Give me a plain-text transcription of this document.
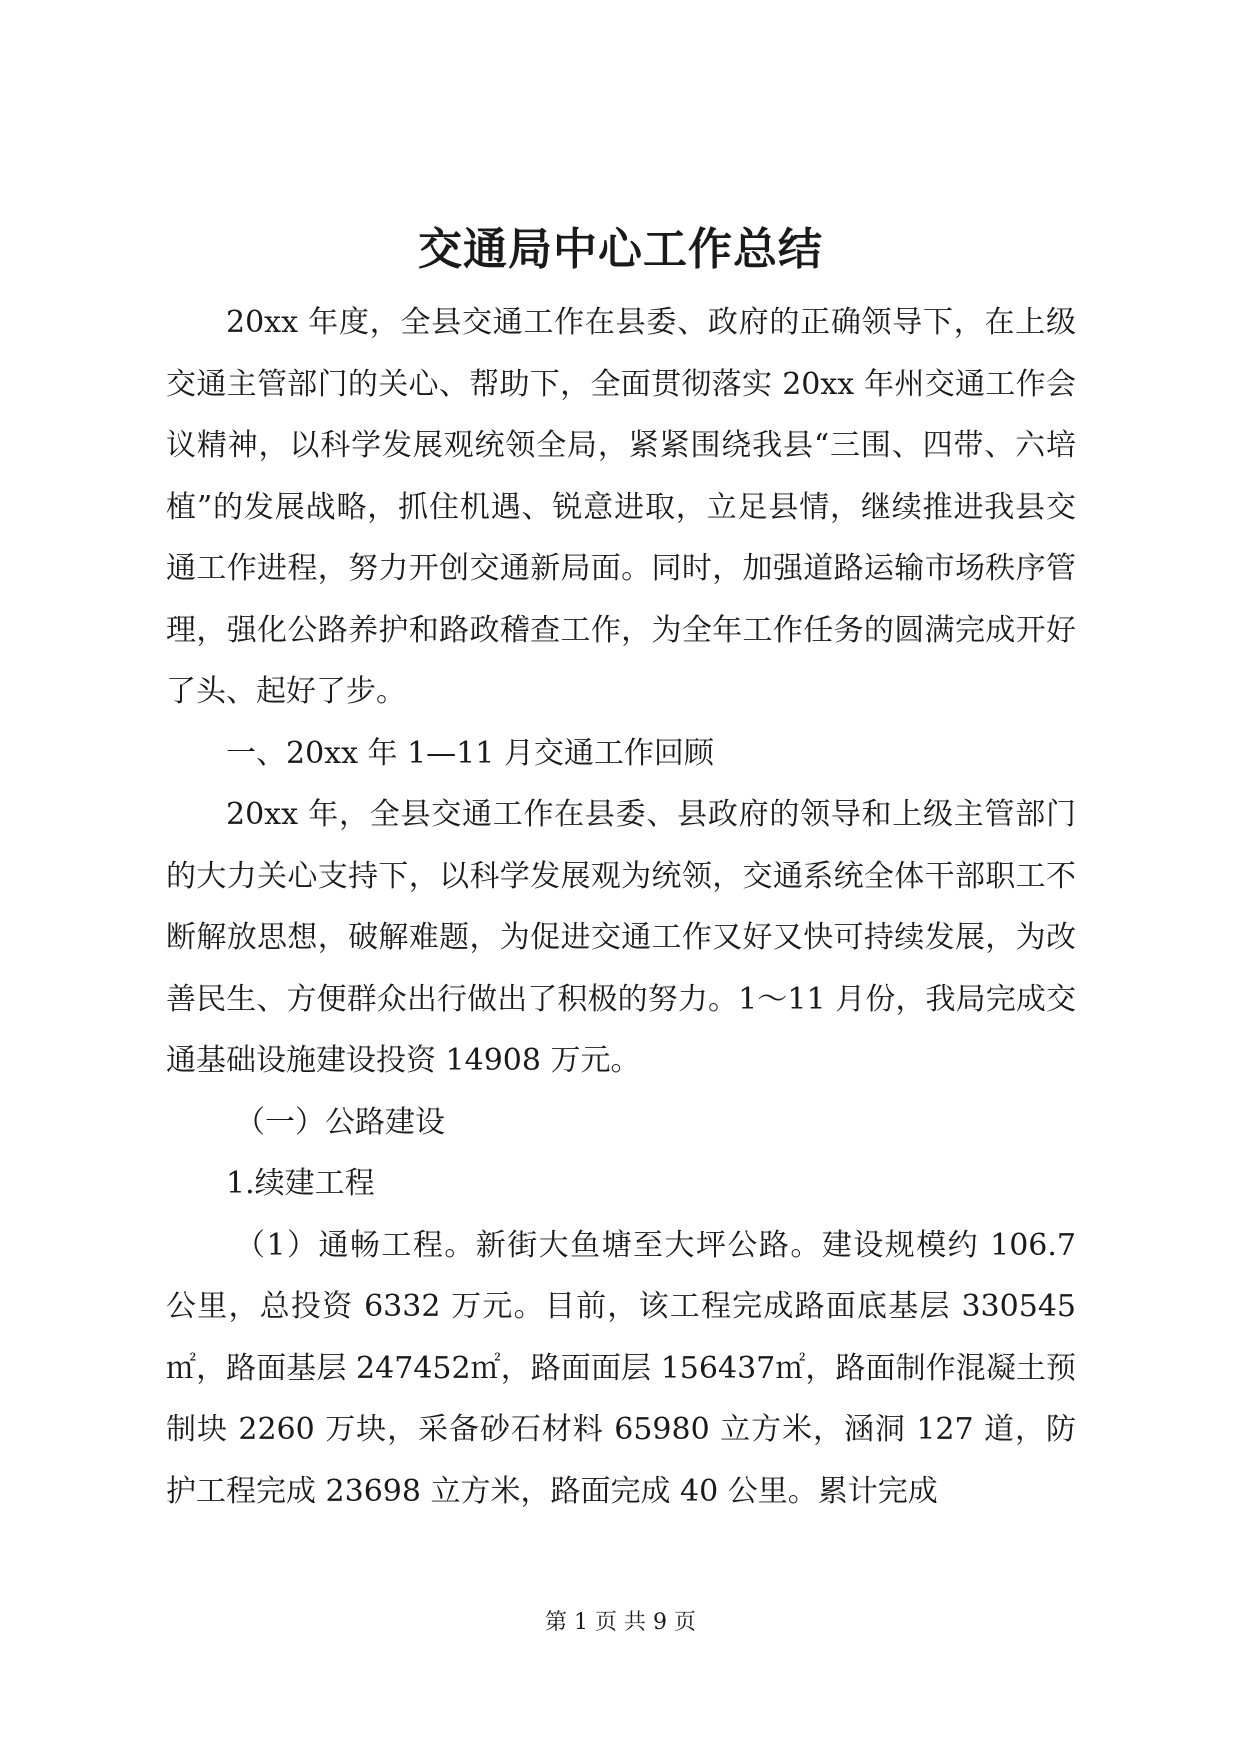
交通局中心工作总结

20xx 年度，全县交通工作在县委、政府的正确领导下，在上级交通主管部门的关心、帮助下，全面贯彻落实 20xx 年州交通工作会议精神，以科学发展观统领全局，紧紧围绕我县“三围、四带、六培植”的发展战略，抓住机遇、锐意进取，立足县情，继续推进我县交通工作进程，努力开创交通新局面。同时，加强道路运输市场秩序管理，强化公路养护和路政稽查工作，为全年工作任务的圆满完成开好了头、起好了步。

一、20xx 年 1—11 月交通工作回顾

20xx 年，全县交通工作在县委、县政府的领导和上级主管部门的大力关心支持下，以科学发展观为统领，交通系统全体干部职工不断解放思想，破解难题，为促进交通工作又好又快可持续发展，为改善民生、方便群众出行做出了积极的努力。1～11 月份，我局完成交通基础设施建设投资 14908 万元。

（一）公路建设

1.续建工程

（1）通畅工程。新街大鱼塘至大坪公路。建设规模约 106.7 公里，总投资 6332 万元。目前，该工程完成路面底基层 330545㎡，路面基层 247452㎡，路面面层 156437㎡，路面制作混凝土预制块 2260 万块，采备砂石材料 65980 立方米，涵洞 127 道，防护工程完成 23698 立方米，路面完成 40 公里。累计完成

第 1 页 共 9 页
